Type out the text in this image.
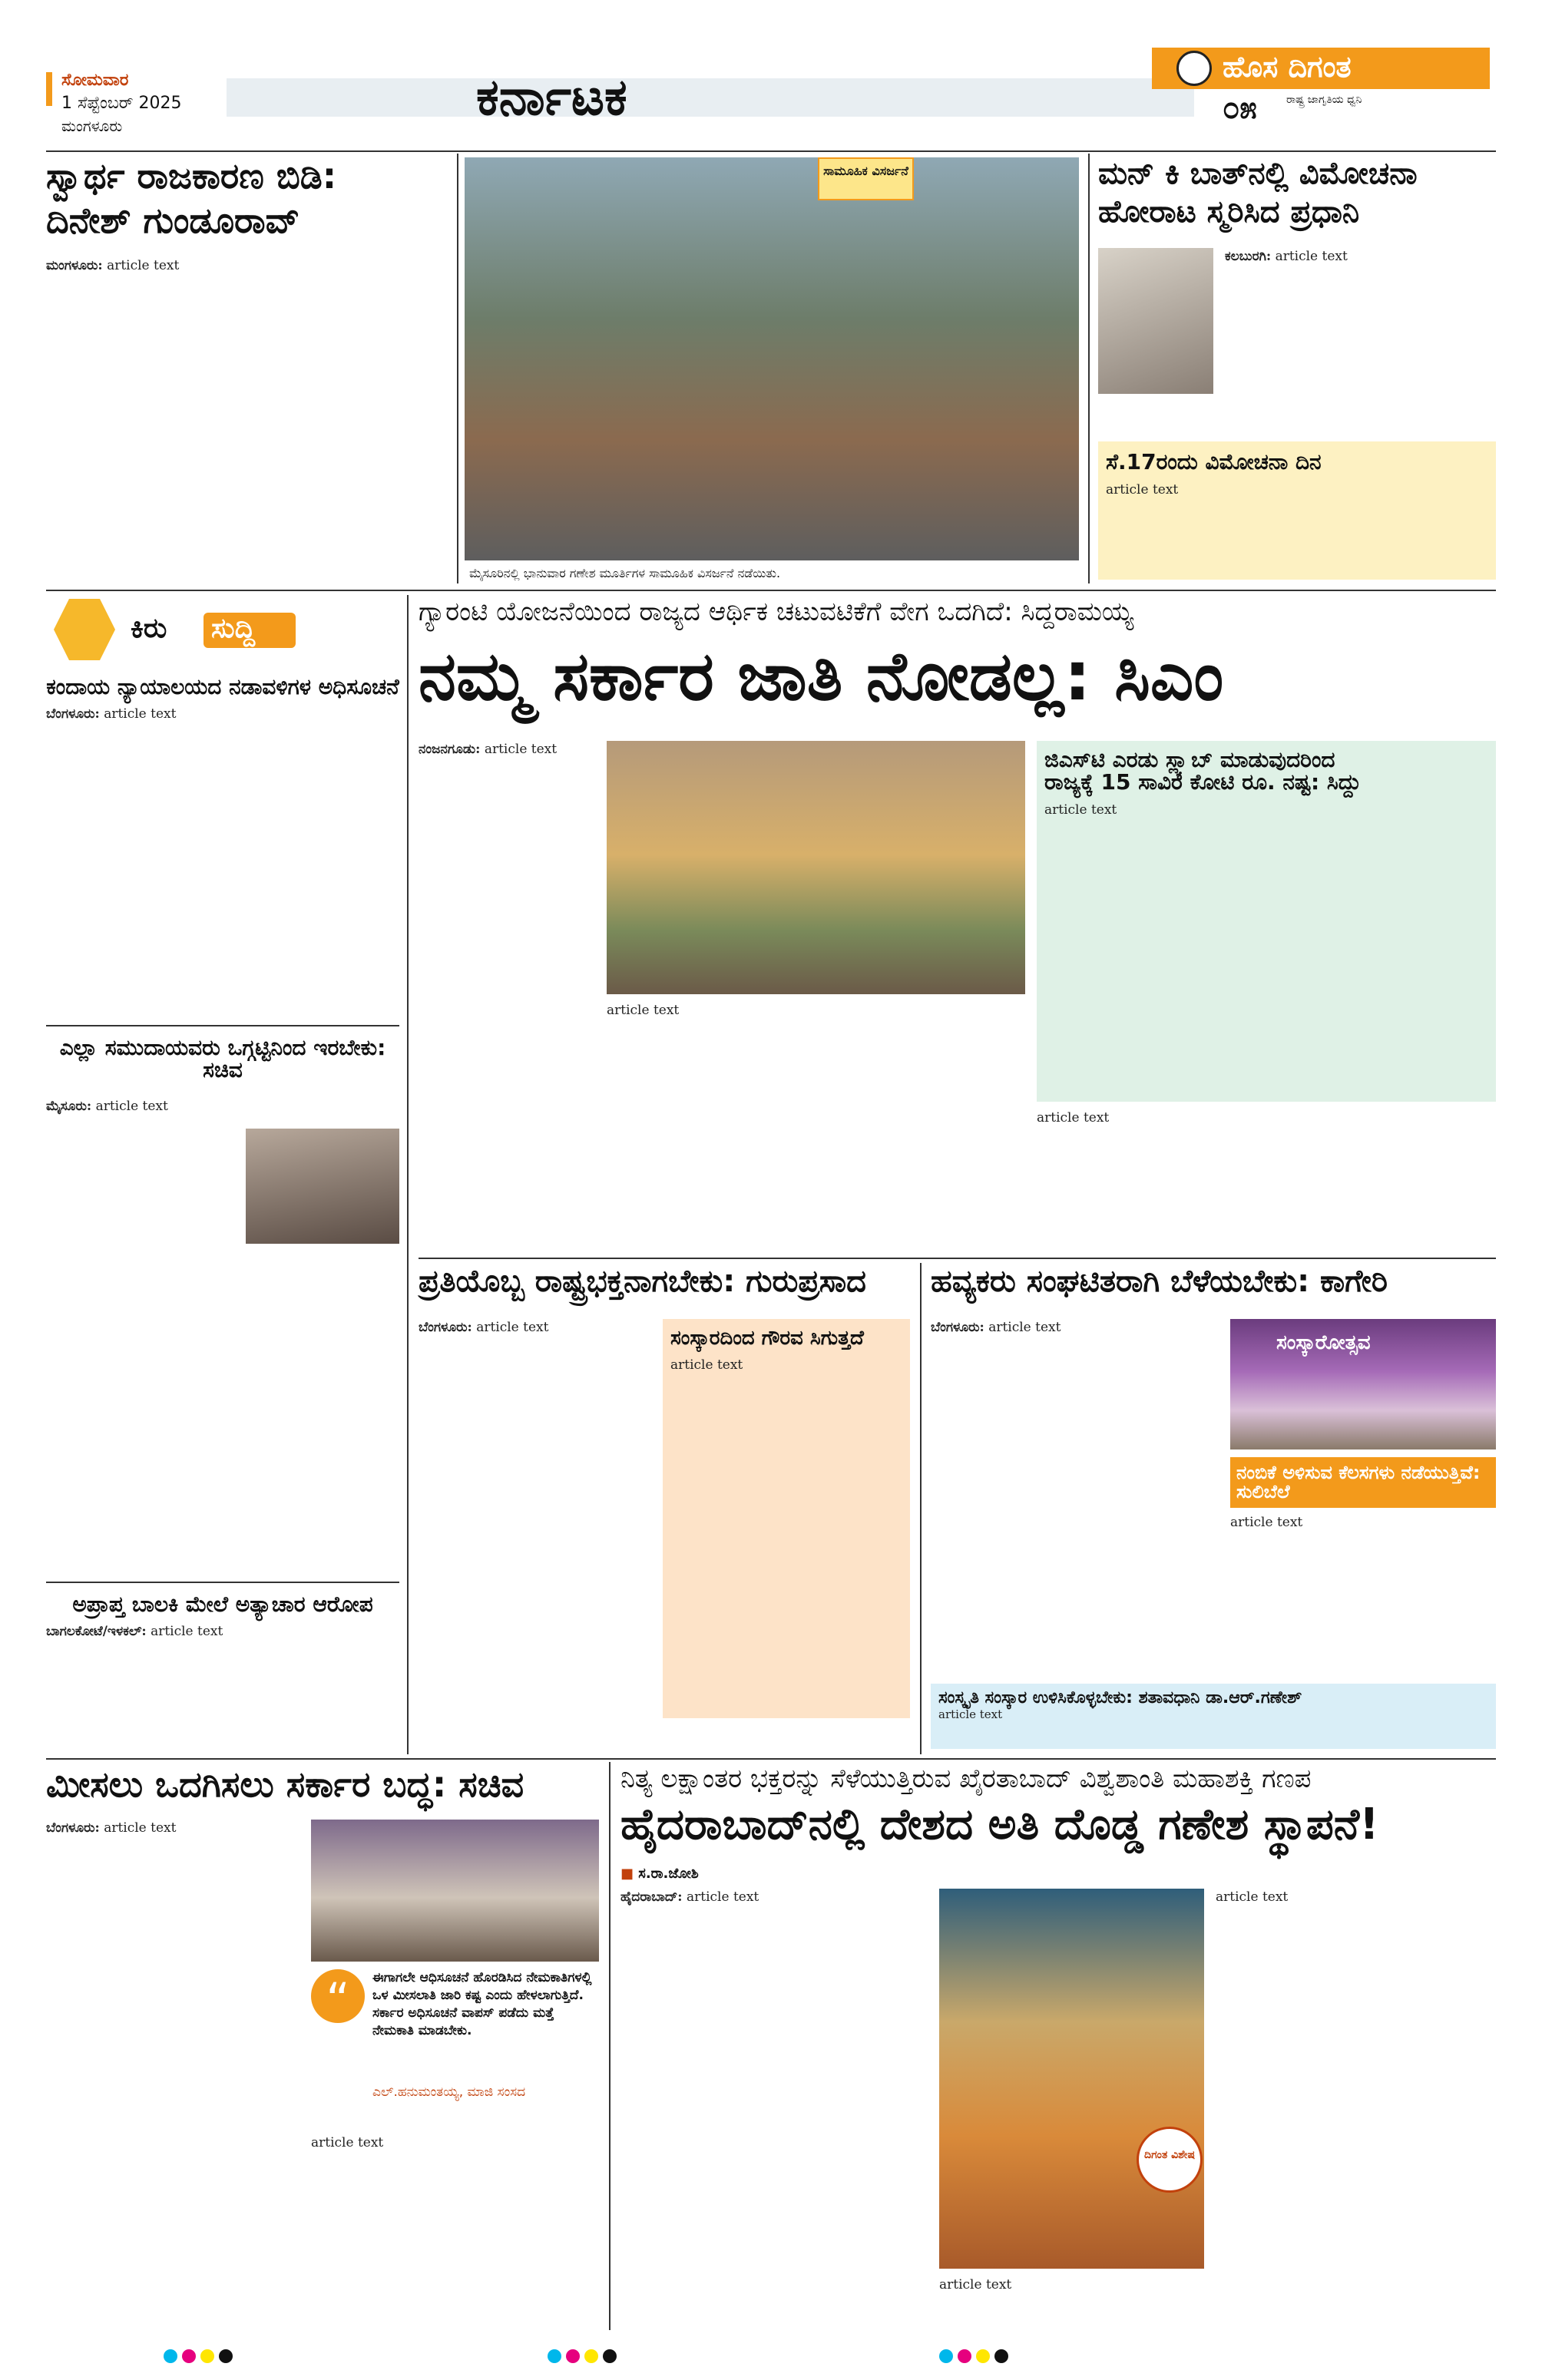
ಸೋಮವಾರ
1 ಸೆಪ್ಟೆಂಬರ್ 2025
ಮಂಗಳೂರು	ಕರ್ನಾಟಕ
ಹೊಸ ದಿಗಂತ
೦೫	ರಾಷ್ಟ್ರ ಜಾಗೃತಿಯ ಧ್ವನಿ
ಸ್ವಾರ್ಥ ರಾಜಕಾರಣ ಬಿಡಿ:
ದಿನೇಶ್ ಗುಂಡೂರಾವ್
ಮಂಗಳೂರು: article text
ಸಾಮೂಹಿಕ ವಿಸರ್ಜನೆ
ಮೈಸೂರಿನಲ್ಲಿ ಭಾನುವಾರ ಗಣೇಶ ಮೂರ್ತಿಗಳ ಸಾಮೂಹಿಕ ವಿಸರ್ಜನೆ ನಡೆಯಿತು.
ಮನ್ ಕಿ ಬಾತ್‌ನಲ್ಲಿ ವಿಮೋಚನಾ
ಹೋರಾಟ ಸ್ಮರಿಸಿದ ಪ್ರಧಾನಿ
ಕಲಬುರಗಿ: article text
ಸೆ.17ರಂದು ವಿಮೋಚನಾ ದಿನ
article text
ಕಿರು ಸುದ್ದಿ
ಕಂದಾಯ ನ್ಯಾಯಾಲಯದ ನಡಾವಳಿಗಳ ಅಧಿಸೂಚನೆ
ಬೆಂಗಳೂರು: article text
ಎಲ್ಲಾ ಸಮುದಾಯವರು ಒಗ್ಗಟ್ಟಿನಿಂದ ಇರಬೇಕು: ಸಚಿವ
ಮೈಸೂರು: article text
ಅಪ್ರಾಪ್ತ ಬಾಲಕಿ ಮೇಲೆ ಅತ್ಯಾಚಾರ ಆರೋಪ
ಬಾಗಲಕೋಟೆ/ಇಳಕಲ್: article text
ಗ್ಯಾರಂಟಿ ಯೋಜನೆಯಿಂದ ರಾಜ್ಯದ ಆರ್ಥಿಕ ಚಟುವಟಿಕೆಗೆ ವೇಗ ಒದಗಿದೆ: ಸಿದ್ದರಾಮಯ್ಯ
ನಮ್ಮ ಸರ್ಕಾರ ಜಾತಿ ನೋಡಲ್ಲ: ಸಿಎಂ
ನಂಜನಗೂಡು: article text
article text
ಜಿಎಸ್‌ಟಿ ಎರಡು ಸ್ಲ್ಯಾಬ್ ಮಾಡುವುದರಿಂದ
ರಾಜ್ಯಕ್ಕೆ 15 ಸಾವಿರ ಕೋಟಿ ರೂ. ನಷ್ಟ: ಸಿದ್ದು
article text
article text
ಪ್ರತಿಯೊಬ್ಬ ರಾಷ್ಟ್ರಭಕ್ತನಾಗಬೇಕು: ಗುರುಪ್ರಸಾದ
ಬೆಂಗಳೂರು: article text	ಸಂಸ್ಕಾರದಿಂದ ಗೌರವ ಸಿಗುತ್ತದೆ
article text
ಹವ್ಯಕರು ಸಂಘಟಿತರಾಗಿ ಬೆಳೆಯಬೇಕು: ಕಾಗೇರಿ
ಬೆಂಗಳೂರು: article text
ಸಂಸ್ಕಾರೋತ್ಸವ
ನಂಬಿಕೆ ಅಳಿಸುವ ಕೆಲಸಗಳು ನಡೆಯುತ್ತಿವೆ: ಸುಲಿಬೆಲೆ
article text
ಸಂಸ್ಕೃತಿ ಸಂಸ್ಕಾರ ಉಳಿಸಿಕೊಳ್ಳಬೇಕು: ಶತಾವಧಾನಿ ಡಾ.ಆರ್.ಗಣೇಶ್
article text
ಮೀಸಲು ಒದಗಿಸಲು ಸರ್ಕಾರ ಬದ್ಧ: ಸಚಿವ
ಬೆಂಗಳೂರು: article text
“	ಈಗಾಗಲೇ ಆಧಿಸೂಚನೆ ಹೊರಡಿಸಿದ ನೇಮಕಾತಿಗಳಲ್ಲಿ ಒಳ ಮೀಸಲಾತಿ ಜಾರಿ ಕಷ್ಟ ಎಂದು ಹೇಳಲಾಗುತ್ತಿದೆ. ಸರ್ಕಾರ ಅಧಿಸೂಚನೆ ವಾಪಸ್ ಪಡೆದು ಮತ್ತೆ ನೇಮಕಾತಿ ಮಾಡಬೇಕು.
ಎಲ್.ಹನುಮಂತಯ್ಯ, ಮಾಜಿ ಸಂಸದ
article text
ನಿತ್ಯ ಲಕ್ಷಾಂತರ ಭಕ್ತರನ್ನು ಸೆಳೆಯುತ್ತಿರುವ ಖೈರತಾಬಾದ್ ವಿಶ್ವಶಾಂತಿ ಮಹಾಶಕ್ತಿ ಗಣಪ
ಹೈದರಾಬಾದ್‌ನಲ್ಲಿ ದೇಶದ ಅತಿ ದೊಡ್ಡ ಗಣೇಶ ಸ್ಥಾಪನೆ!
■ ಸ.ರಾ.ಜೋಶಿ
ಹೈದರಾಬಾದ್: article text
ದಿಗಂತ ವಿಶೇಷ
article text
article text
